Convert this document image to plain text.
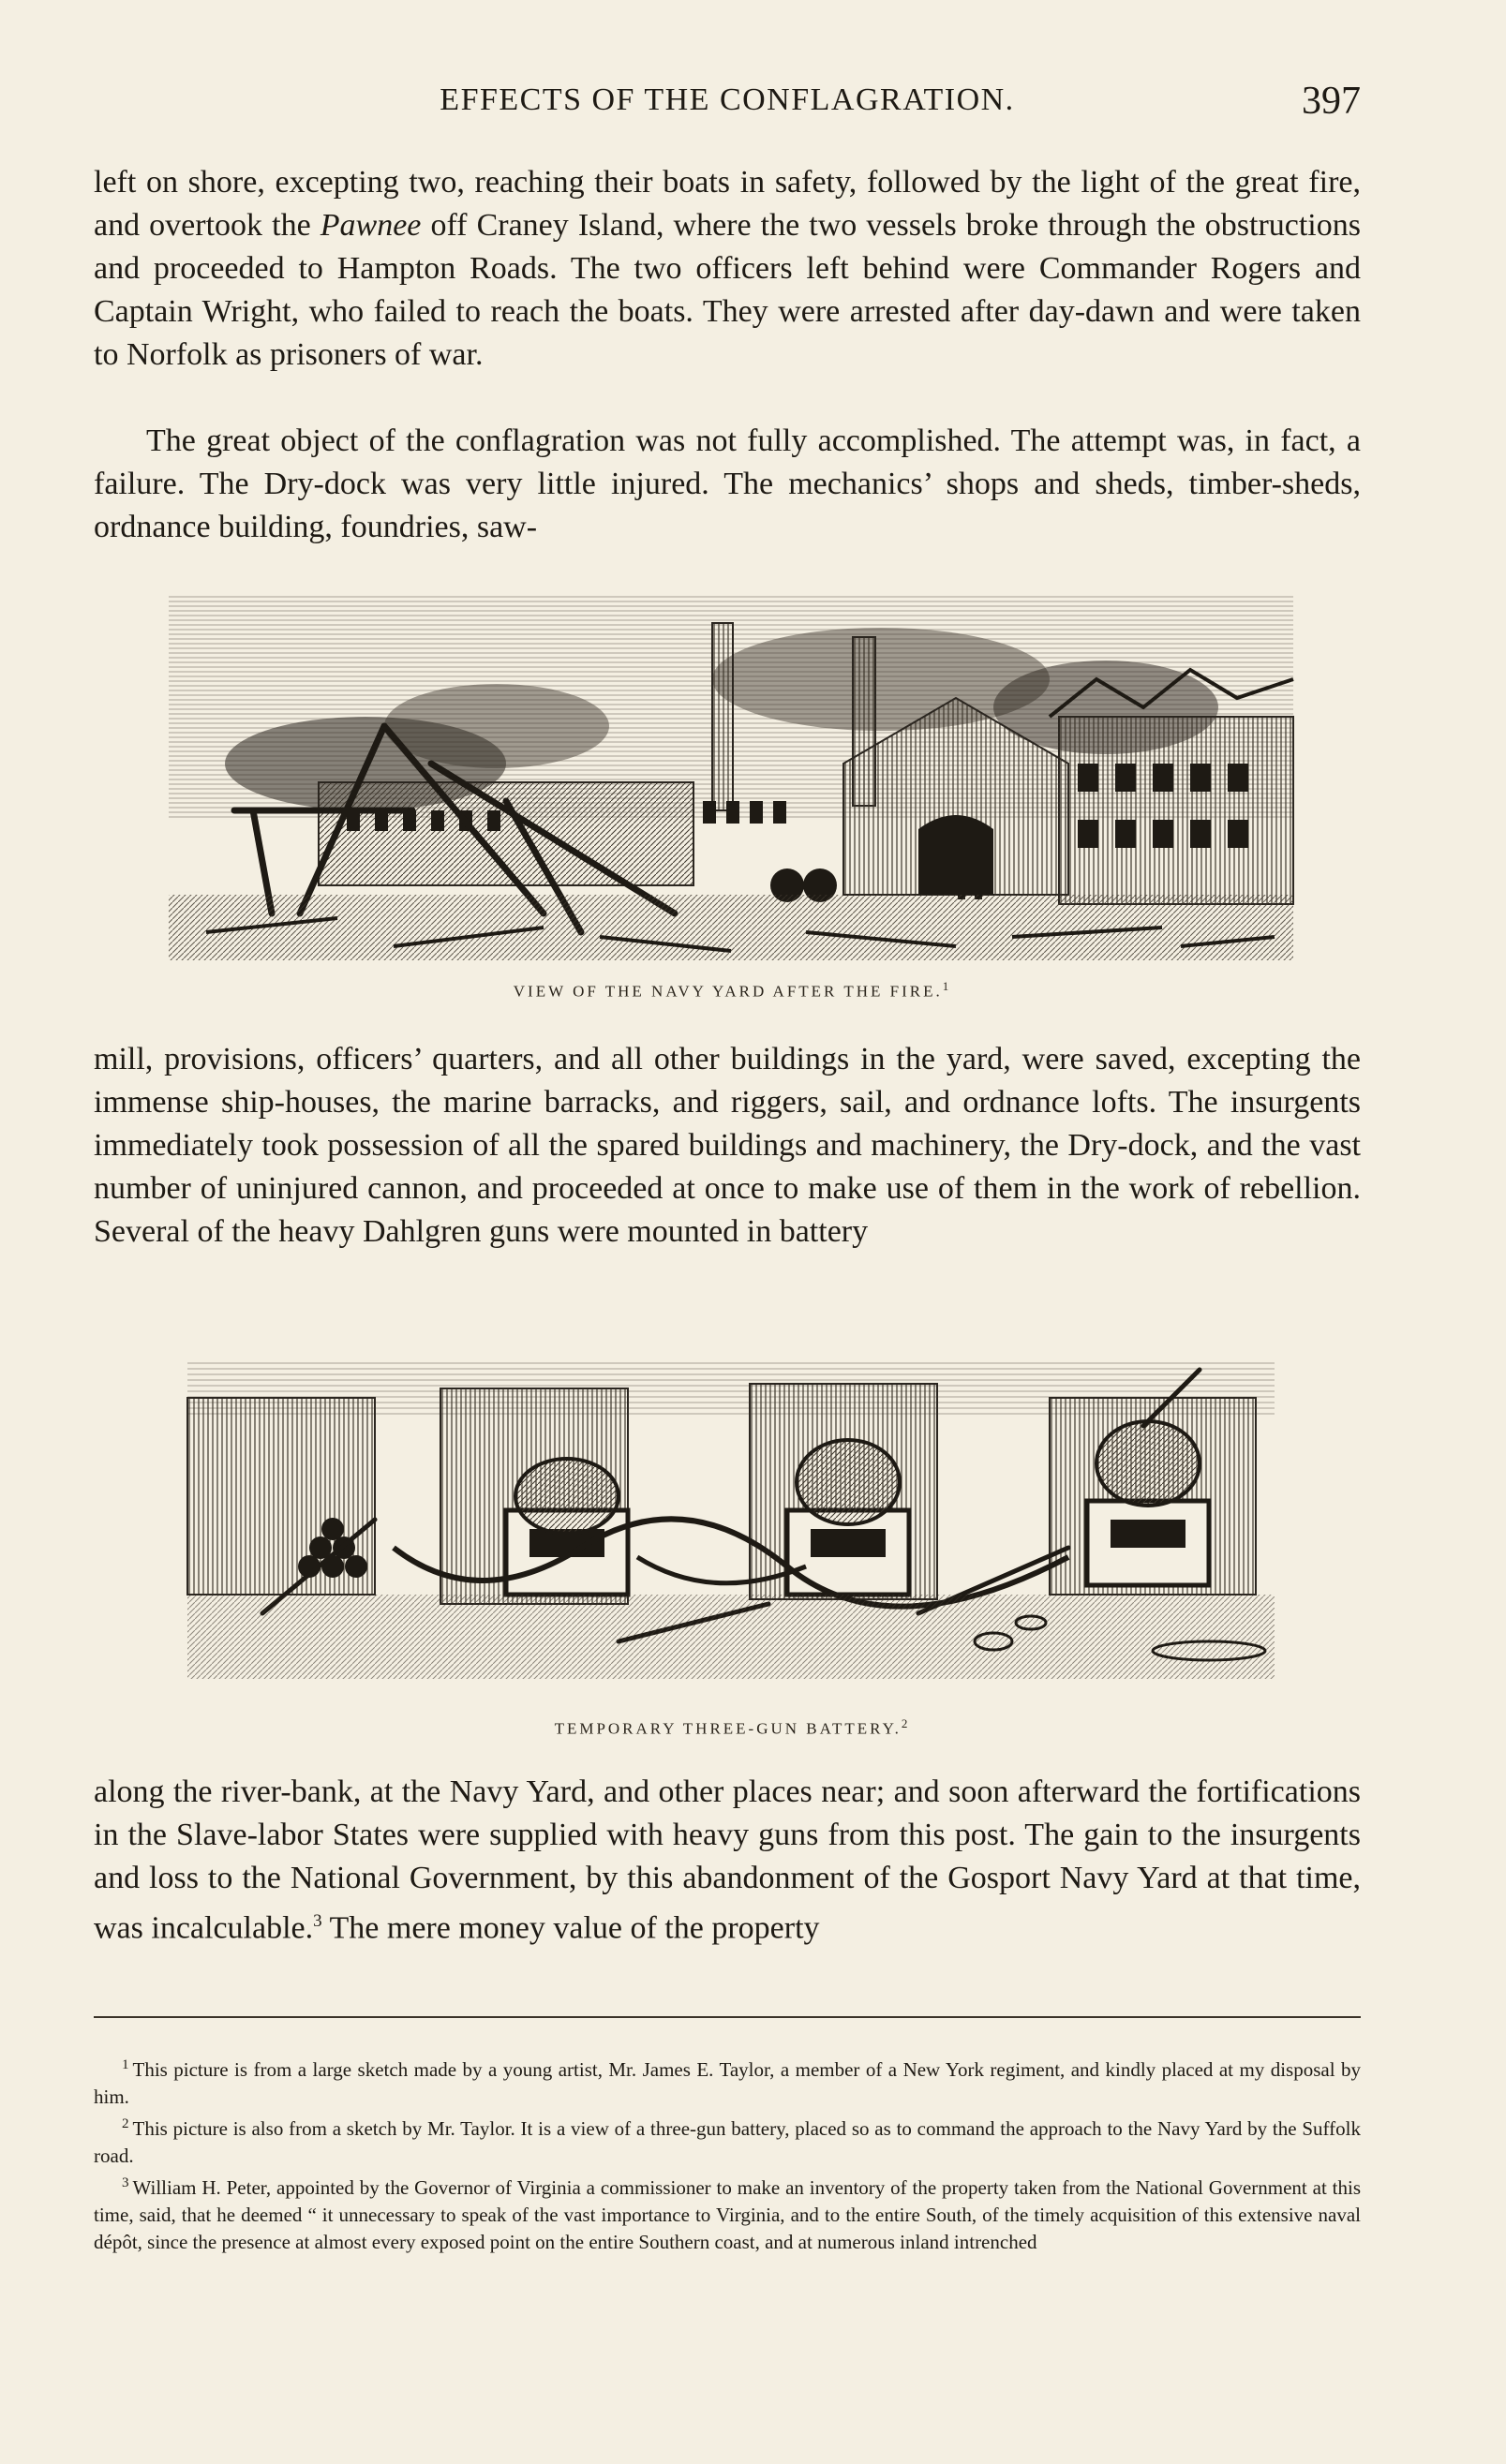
EFFECTS OF THE CONFLAGRATION.	397

left on shore, excepting two, reaching their boats in safety, followed by the light of the great fire, and overtook the Pawnee off Craney Island, where the two vessels broke through the obstructions and proceeded to Hampton Roads. The two officers left behind were Commander Rogers and Captain Wright, who failed to reach the boats. They were arrested after day-dawn and were taken to Norfolk as prisoners of war.

The great object of the conflagration was not fully accomplished. The attempt was, in fact, a failure. The Dry-dock was very little injured. The mechanics’ shops and sheds, timber-sheds, ordnance building, foundries, saw-

VIEW OF THE NAVY YARD AFTER THE FIRE.$^1$

mill, provisions, officers’ quarters, and all other buildings in the yard, were saved, excepting the immense ship-houses, the marine barracks, and riggers, sail, and ordnance lofts. The insurgents immediately took possession of all the spared buildings and machinery, the Dry-dock, and the vast number of uninjured cannon, and proceeded at once to make use of them in the work of rebellion. Several of the heavy Dahlgren guns were mounted in battery

TEMPORARY THREE-GUN BATTERY.$^2$

along the river-bank, at the Navy Yard, and other places near; and soon afterward the fortifications in the Slave-labor States were supplied with heavy guns from this post. The gain to the insurgents and loss to the National Government, by this abandonment of the Gosport Navy Yard at that time, was incalculable.$^3$ The mere money value of the property

$^1$ This picture is from a large sketch made by a young artist, Mr. James E. Taylor, a member of a New York regiment, and kindly placed at my disposal by him.

$^2$ This picture is also from a sketch by Mr. Taylor. It is a view of a three-gun battery, placed so as to command the approach to the Navy Yard by the Suffolk road.

$^3$ William H. Peter, appointed by the Governor of Virginia a commissioner to make an inventory of the property taken from the National Government at this time, said, that he deemed “ it unnecessary to speak of the vast importance to Virginia, and to the entire South, of the timely acquisition of this extensive naval dépôt, since the presence at almost every exposed point on the entire Southern coast, and at numerous inland intrenched
